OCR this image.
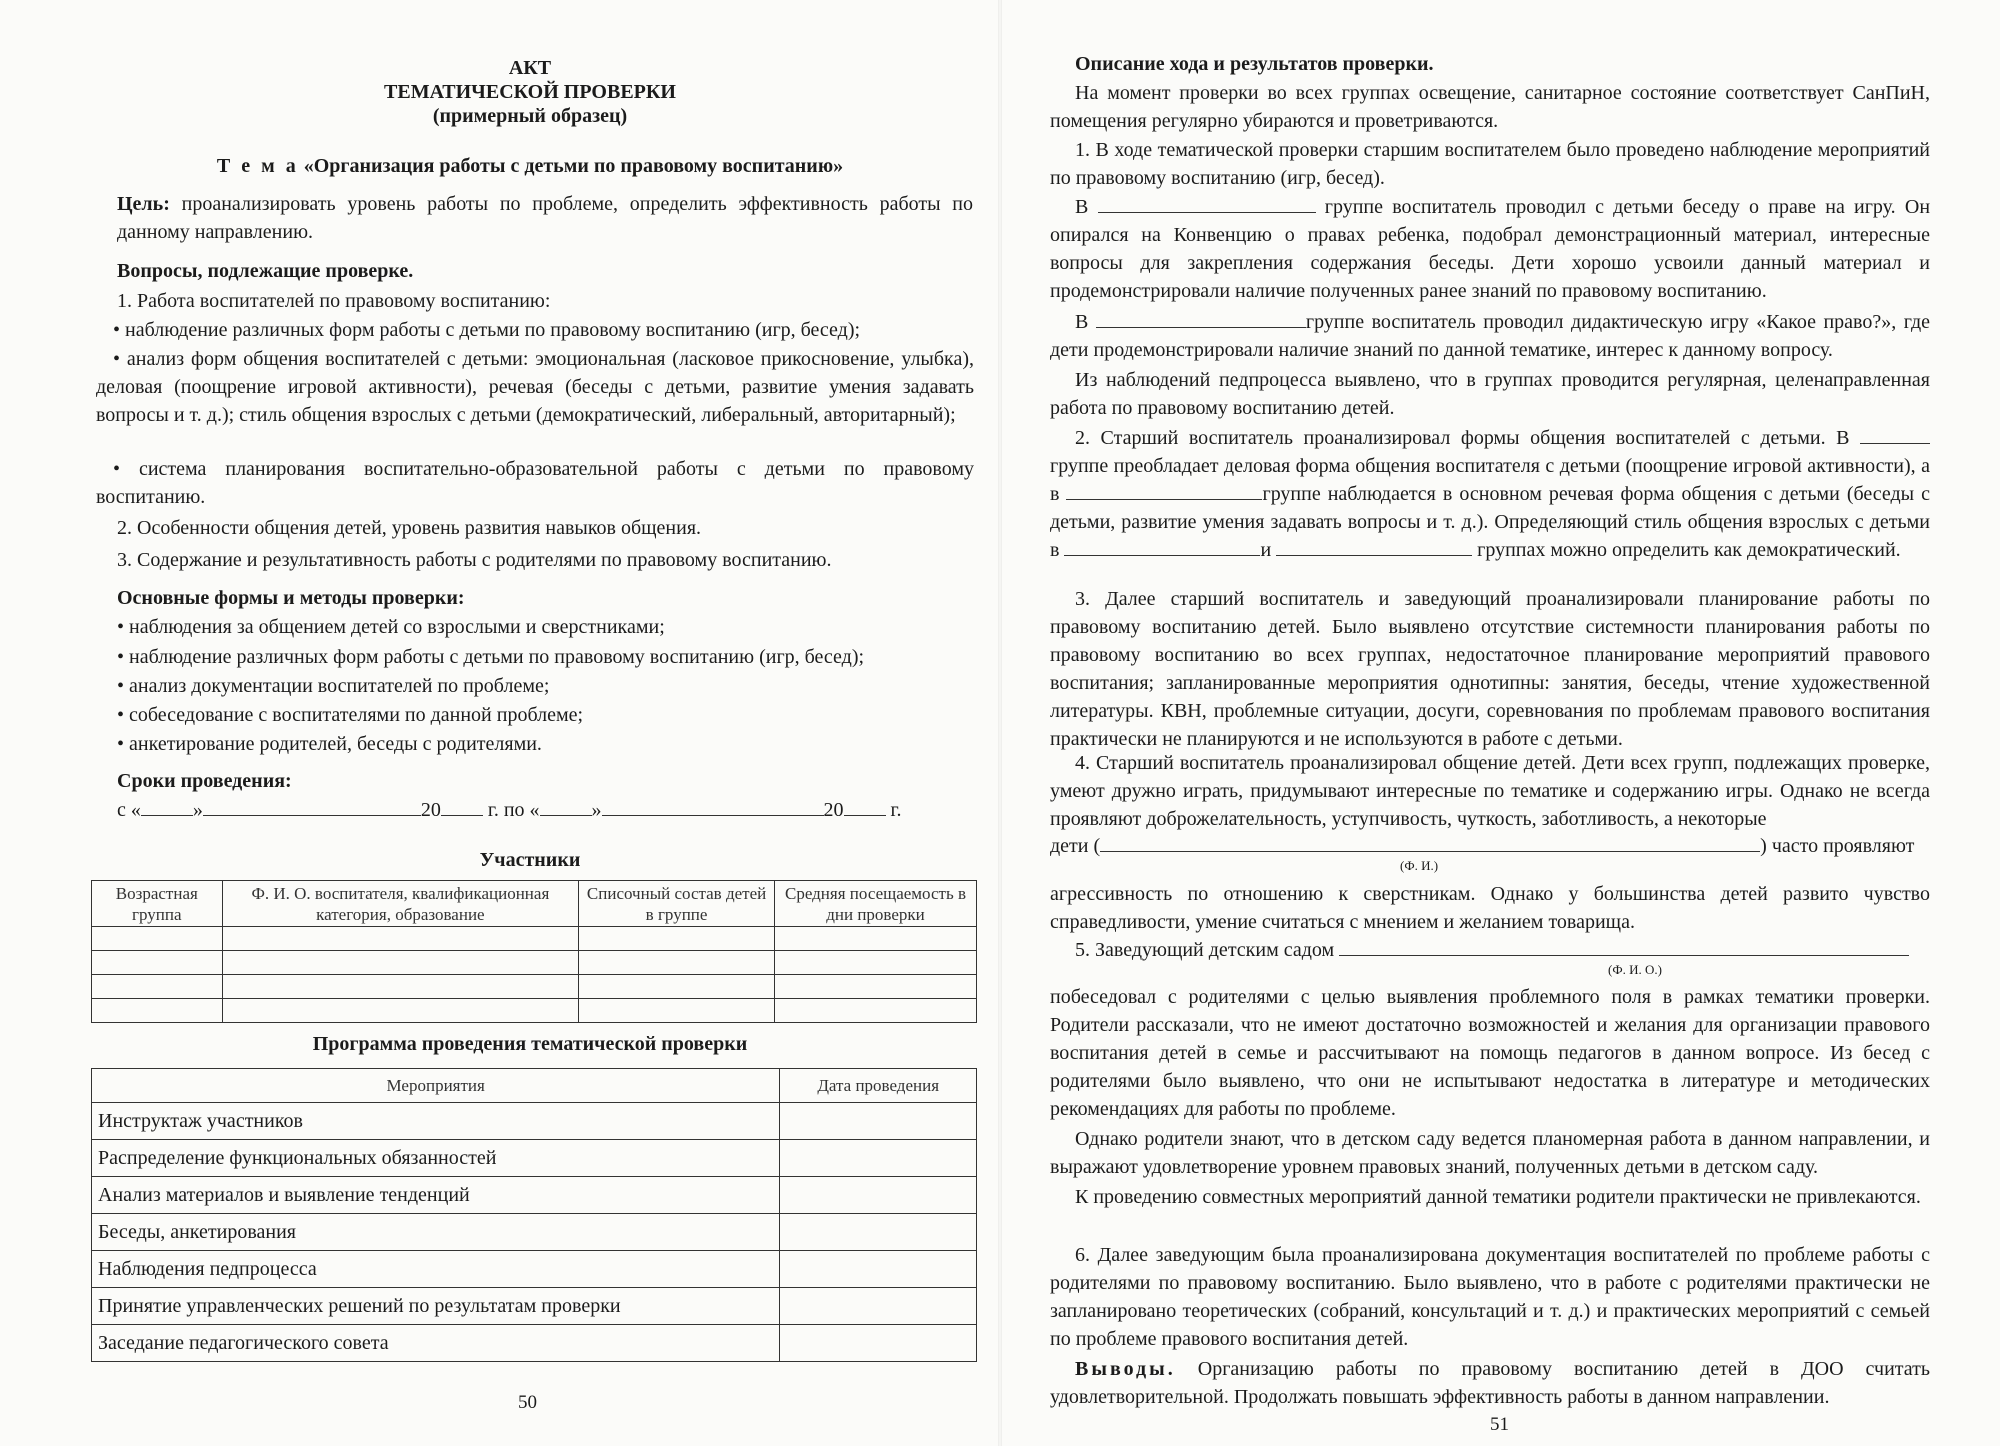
АКТ
ТЕМАТИЧЕСКОЙ ПРОВЕРКИ
(примерный образец)
Т е м а «Организация работы с детьми по правовому воспитанию»

Цель: проанализировать уровень работы по проблеме, определить эффективность работы по данному направлению.

Вопросы, подлежащие проверке.

1. Работа воспитателей по правовому воспитанию:

• наблюдение различных форм работы с детьми по правовому воспитанию (игр, бесед);

• анализ форм общения воспитателей с детьми: эмоциональная (ласковое прикосновение, улыбка), деловая (поощрение игровой активности), речевая (беседы с детьми, развитие умения задавать вопросы и т. д.); стиль общения взрослых с детьми (демократический, либеральный, авторитарный);

• система планирования воспитательно-образовательной работы с детьми по правовому воспитанию.

2. Особенности общения детей, уровень развития навыков общения.

3. Содержание и результативность работы с родителями по правовому воспитанию.

Основные формы и методы проверки:

• наблюдения за общением детей со взрослыми и сверстниками;

• наблюдение различных форм работы с детьми по правовому воспитанию (игр, бесед);

• анализ документации воспитателей по проблеме;

• собеседование с воспитателями по данной проблеме;

• анкетирование родителей, беседы с родителями.

Сроки проведения:

с «	»	20 г. по «	»	20 г.
Участники
Возрастная группа	Ф. И. О. воспитателя, квалификационная категория, образование	Списочный состав детей в группе	Средняя посещаемость в дни проверки

Программа проведения тематической проверки
Мероприятия	Дата проведения
Инструктаж участников	
Распределение функциональных обязанностей	
Анализ материалов и выявление тенденций	
Беседы, анкетирования	
Наблюдения педпроцесса	
Принятие управленческих решений по результатам проверки	
Заседание педагогического совета	
50

Описание хода и результатов проверки.

На момент проверки во всех группах освещение, санитарное состояние соответствует СанПиН, помещения регулярно убираются и проветриваются.

1. В ходе тематической проверки старшим воспитателем было проведено наблюдение мероприятий по правовому воспитанию (игр, бесед).

В	группе воспитатель проводил с детьми беседу о праве на игру. Он опирался на Конвенцию о правах ребенка, подобрал демонстрационный материал, интересные вопросы для закрепления содержания беседы. Дети хорошо усвоили данный материал и продемонстрировали наличие полученных ранее знаний по правовому воспитанию.

В	группе воспитатель проводил дидактическую игру «Какое право?», где дети продемонстрировали наличие знаний по данной тематике, интерес к данному вопросу.

Из наблюдений педпроцесса выявлено, что в группах проводится регулярная, целенаправленная работа по правовому воспитанию детей.

2. Старший воспитатель проанализировал формы общения воспитателей с детьми. В  группе преобладает деловая форма общения воспитателя с детьми (поощрение игровой активности), а в	группе наблюдается в основном речевая форма общения с детьми (беседы с детьми, развитие умения задавать вопросы и т. д.). Определяющий стиль общения взрослых с детьми в	и	группах можно определить как демократический.

3. Далее старший воспитатель и заведующий проанализировали планирование работы по правовому воспитанию детей. Было выявлено отсутствие системности планирования работы по правовому воспитанию во всех группах, недостаточное планирование мероприятий правового воспитания; запланированные мероприятия однотипны: занятия, беседы, чтение художественной литературы. КВН, проблемные ситуации, досуги, соревнования по проблемам правового воспитания практически не планируются и не используются в работе с детьми.

4. Старший воспитатель проанализировал общение детей. Дети всех групп, подлежащих проверке, умеют дружно играть, придумывают интересные по тематике и содержанию игры. Однако не всегда проявляют доброжелательность, уступчивость, чуткость, заботливость, а некоторые

дети (	) часто проявляют
(Ф. И.)

агрессивность по отношению к сверстникам. Однако у большинства детей развито чувство справедливости, умение считаться с мнением и желанием товарища.

5. Заведующий детским садом
(Ф. И. О.)

побеседовал с родителями с целью выявления проблемного поля в рамках тематики проверки. Родители рассказали, что не имеют достаточно возможностей и желания для организации правового воспитания детей в семье и рассчитывают на помощь педагогов в данном вопросе. Из бесед с родителями было выявлено, что они не испытывают недостатка в литературе и методических рекомендациях для работы по проблеме.

Однако родители знают, что в детском саду ведется планомерная работа в данном направлении, и выражают удовлетворение уровнем правовых знаний, полученных детьми в детском саду.

К проведению совместных мероприятий данной тематики родители практически не привлекаются.

6. Далее заведующим была проанализирована документация воспитателей по проблеме работы с родителями по правовому воспитанию. Было выявлено, что в работе с родителями практически не запланировано теоретических (собраний, консультаций и т. д.) и практических мероприятий с семьей по проблеме правового воспитания детей.

Выводы. Организацию работы по правовому воспитанию детей в ДОО считать удовлетворительной. Продолжать повышать эффективность работы в данном направлении.

51
